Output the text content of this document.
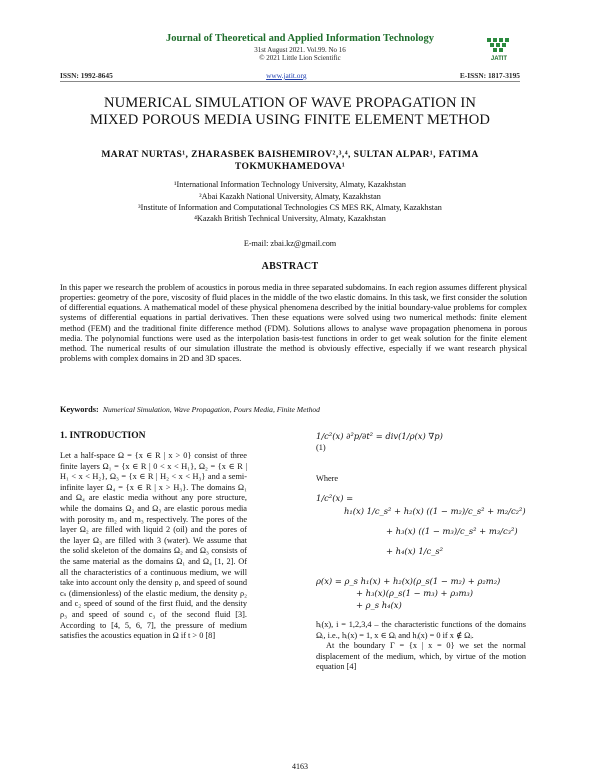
Journal of Theoretical and Applied Information Technology
31st August 2021. Vol.99. No 16
© 2021 Little Lion Scientific	JATIT
ISSN: 1992-8645	www.jatit.org	E-ISSN: 1817-3195
NUMERICAL SIMULATION OF WAVE PROPAGATION IN
MIXED POROUS MEDIA USING FINITE ELEMENT METHOD
MARAT NURTAS¹, ZHARASBEK BAISHEMIROV²,³,⁴, SULTAN ALPAR¹, FATIMA
TOKMUKHAMEDOVA¹
¹International Information Technology University, Almaty, Kazakhstan
²Abai Kazakh National University, Almaty, Kazakhstan
³Institute of Information and Computational Technologies CS MES RK, Almaty, Kazakhstan
⁴Kazakh British Technical University, Almaty, Kazakhstan
E-mail: zbai.kz@gmail.com
ABSTRACT
In this paper we research the problem of acoustics in porous media in three separated subdomains. In each region assumes different physical properties: geometry of the pore, viscosity of fluid places in the middle of the two elastic domains. In this task, we first consider the solution of differential equations. A mathematical model of these physical phenomena described by the initial boundary-value problems for complex systems of differential equations in partial derivatives. Then these equations were solved using two numerical methods: finite element method (FEM) and the traditional finite difference method (FDM). Solutions allows to analyse wave propagation phenomena in porous media. The polynomial functions were used as the interpolation basis-test functions in order to get weak solution for the finite element method. The numerical results of our simulation illustrate the method is obviously effective, especially if we want research physical problems with complex domains in 2D and 3D spaces.
Keywords: Numerical Simulation, Wave Propagation, Pours Media, Finite Method
1. INTRODUCTION
Let a half-space Ω = {x ∈ R | x > 0} consist of three finite layers Ω₁ = {x ∈ R | 0 < x < H₁}, Ω₂ = {x ∈ R | H₁ < x < H₂}, Ω₃ = {x ∈ R | H₂ < x < H₃} and a semi-infinite layer Ω₄ = {x ∈ R | x > H₃}. The domains Ω₁ and Ω₄ are elastic media without any pore structure, while the domains Ω₂ and Ω₃ are elastic porous media with porosity m₂ and m₃ respectively. The pores of the layer Ω₂ are filled with liquid 2 (oil) and the pores of the layer Ω₃ are filled with 3 (water). We assume that the solid skeleton of the domains Ω₂ and Ω₃ consists of the same material as the domains Ω₁ and Ω₄ [1, 2]. Of all the characteristics of a continuous medium, we will take into account only the density ρ, and speed of sound cₛ (dimensionless) of the elastic medium, the density ρ₂ and c₂ speed of sound of the first fluid, and the density ρ₃ and speed of sound c₃ of the second fluid [3]. According to [4, 5, 6, 7], the pressure of medium satisfies the acoustics equation in Ω if t > 0 [8]
1/c²(x) ∂²p/∂t² = div(1/ρ(x) ∇p)
(1)
Where
1/c²(x) =
h₁(x) 1/c_s² + h₂(x) ((1 − m₂)/c_s² + m₂/c₂²)
+ h₃(x) ((1 − m₃)/c_s² + m₃/c₃²)
+ h₄(x) 1/c_s²
ρ(x) = ρ_s h₁(x) + h₂(x)(ρ_s(1 − m₂) + ρ₂m₂)
+ h₃(x)(ρ_s(1 − m₃) + ρ₃m₃)
+ ρ_s h₄(x)
hᵢ(x), i = 1,2,3,4 – the characteristic functions of the domains Ωᵢ, i.e., hᵢ(x) = 1, x ∈ Ωᵢ and hᵢ(x) = 0 if x ∉ Ωᵢ.
At the boundary Γ = {x | x = 0} we set the normal displacement of the medium, which, by virtue of the motion equation [4]
4163
